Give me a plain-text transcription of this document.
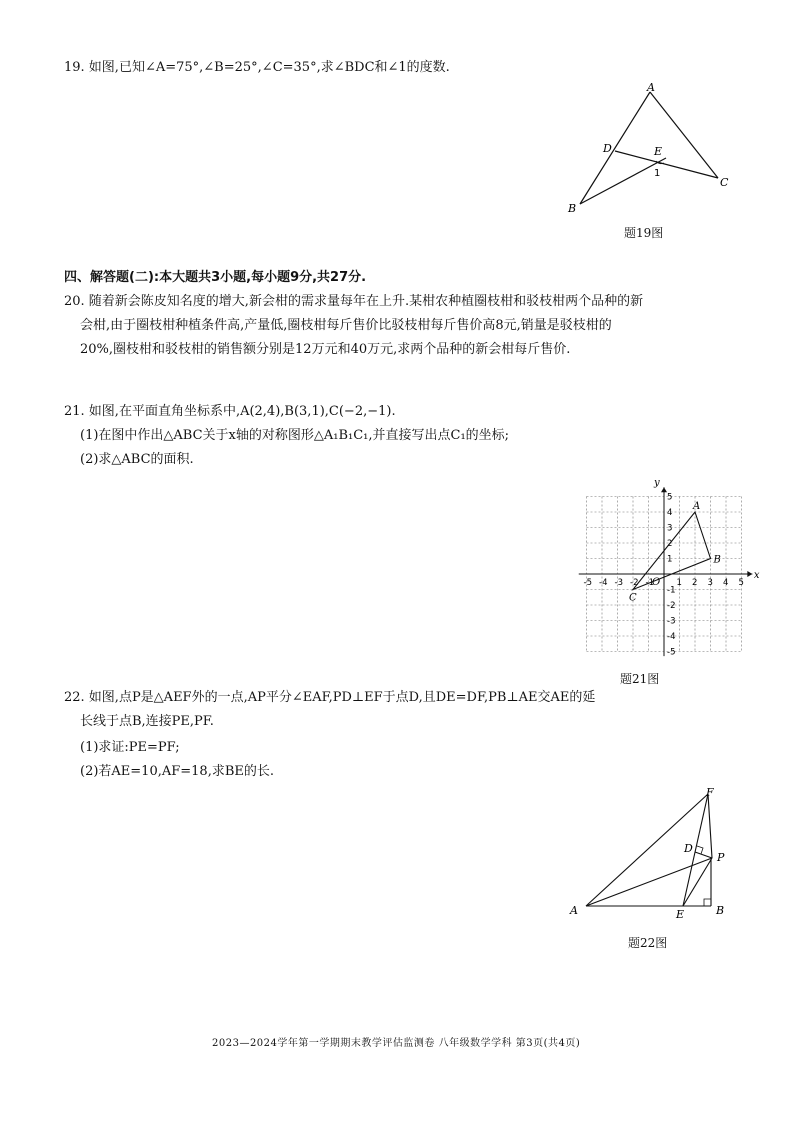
19. 如图,已知∠A=75°,∠B=25°,∠C=35°,求∠BDC和∠1的度数.
A
B
C
D	E
1
题19图
四、解答题(二):本大题共3小题,每小题9分,共27分.
20. 随着新会陈皮知名度的增大,新会柑的需求量每年在上升.某柑农种植圈枝柑和驳枝柑两个品种的新
会柑,由于圈枝柑种植条件高,产量低,圈枝柑每斤售价比驳枝柑每斤售价高8元,销量是驳枝柑的
20%,圈枝柑和驳枝柑的销售额分别是12万元和40万元,求两个品种的新会柑每斤售价.
21. 如图,在平面直角坐标系中,A(2,4),B(3,1),C(−2,−1).
(1)在图中作出△ABC关于x轴的对称图形△A₁B₁C₁,并直接写出点C₁的坐标;
(2)求△ABC的面积.
-5 -4 -3 -2 -1	1 2 3 4 5
5
4
3
2
1
-1
-2
-3
-4
-5
x
y
O
A
B
C
题21图
22. 如图,点P是△AEF外的一点,AP平分∠EAF,PD⊥EF于点D,且DE=DF,PB⊥AE交AE的延
长线于点B,连接PE,PF.
(1)求证:PE=PF;
(2)若AE=10,AF=18,求BE的长.
A	E	B
F
D
P
题22图
2023—2024学年第一学期期末教学评估监测卷 八年级数学学科 第3页(共4页)
